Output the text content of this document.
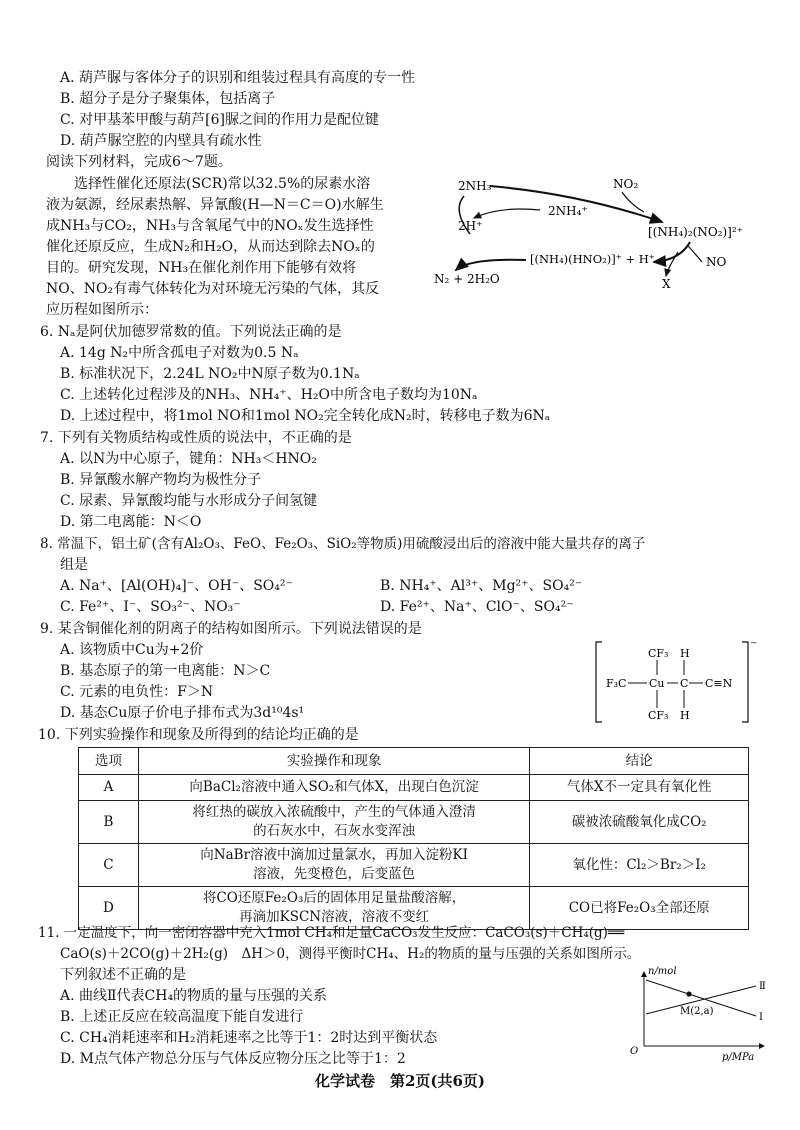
A. 葫芦脲与客体分子的识别和组装过程具有高度的专一性
B. 超分子是分子聚集体，包括离子
C. 对甲基苯甲酸与葫芦[6]脲之间的作用力是配位键
D. 葫芦脲空腔的内壁具有疏水性
阅读下列材料，完成6～7题。
　　选择性催化还原法(SCR)常以32.5%的尿素水溶
液为氨源，经尿素热解、异氰酸(H—N＝C＝O)水解生
成NH₃与CO₂，NH₃与含氧尾气中的NOₓ发生选择性
催化还原反应，生成N₂和H₂O，从而达到除去NOₓ的
目的。研究发现，NH₃在催化剂作用下能够有效将
NO、NO₂有毒气体转化为对环境无污染的气体，其反
应历程如图所示：
2NH₃	NO₂
2NH₄⁺
2H⁺	[(NH₄)₂(NO₂)]²⁺
[(NH₄)(HNO₂)]⁺ + H⁺	NO
N₂ + 2H₂O	X
6. Nₐ是阿伏加德罗常数的值。下列说法正确的是
A. 14g N₂中所含孤电子对数为0.5 Nₐ
B. 标准状况下，2.24L NO₂中N原子数为0.1Nₐ
C. 上述转化过程涉及的NH₃、NH₄⁺、H₂O中所含电子数均为10Nₐ
D. 上述过程中，将1mol NO和1mol NO₂完全转化成N₂时，转移电子数为6Nₐ
7. 下列有关物质结构或性质的说法中，不正确的是
A. 以N为中心原子，键角：NH₃＜HNO₂
B. 异氰酸水解产物均为极性分子
C. 尿素、异氰酸均能与水形成分子间氢键
D. 第二电离能：N＜O
8. 常温下，铝土矿(含有Al₂O₃、FeO、Fe₂O₃、SiO₂等物质)用硫酸浸出后的溶液中能大量共存的离子
组是
A. Na⁺、[Al(OH)₄]⁻、OH⁻、SO₄²⁻	B. NH₄⁺、Al³⁺、Mg²⁺、SO₄²⁻
C. Fe²⁺、I⁻、SO₃²⁻、NO₃⁻	D. Fe²⁺、Na⁺、ClO⁻、SO₄²⁻
9. 某含铜催化剂的阴离子的结构如图所示。下列说法错误的是
A. 该物质中Cu为+2价
B. 基态原子的第一电离能：N＞C
C. 元素的电负性：F＞N
D. 基态Cu原子价电子排布式为3d¹⁰4s¹
⁻
CF₃ H
F₃C Cu C C≡N
CF₃ H
10. 下列实验操作和现象及所得到的结论均正确的是
选项	实验操作和现象	结论
A	向BaCl₂溶液中通入SO₂和气体X，出现白色沉淀	气体X不一定具有氧化性
B	将红热的碳放入浓硫酸中，产生的气体通入澄清
的石灰水中，石灰水变浑浊	碳被浓硫酸氧化成CO₂
C	向NaBr溶液中滴加过量氯水，再加入淀粉KI
溶液，先变橙色，后变蓝色	氧化性：Cl₂＞Br₂＞I₂
D	将CO还原Fe₂O₃后的固体用足量盐酸溶解，
再滴加KSCN溶液，溶液不变红	CO已将Fe₂O₃全部还原
11. 一定温度下，向一密闭容器中充入1mol CH₄和足量CaCO₃发生反应：CaCO₃(s)＋CH₄(g)══
CaO(s)＋2CO(g)＋2H₂(g)　ΔH＞0，测得平衡时CH₄、H₂的物质的量与压强的关系如图所示。
下列叙述不正确的是
A. 曲线Ⅱ代表CH₄的物质的量与压强的关系
B. 上述正反应在较高温度下能自发进行
C. CH₄消耗速率和H₂消耗速率之比等于1：2时达到平衡状态
D. M点气体产物总分压与气体反应物分压之比等于1：2
n/mol
p/MPa
O
M(2,a)
Ⅱ
Ⅰ
化学试卷　第2页(共6页)
